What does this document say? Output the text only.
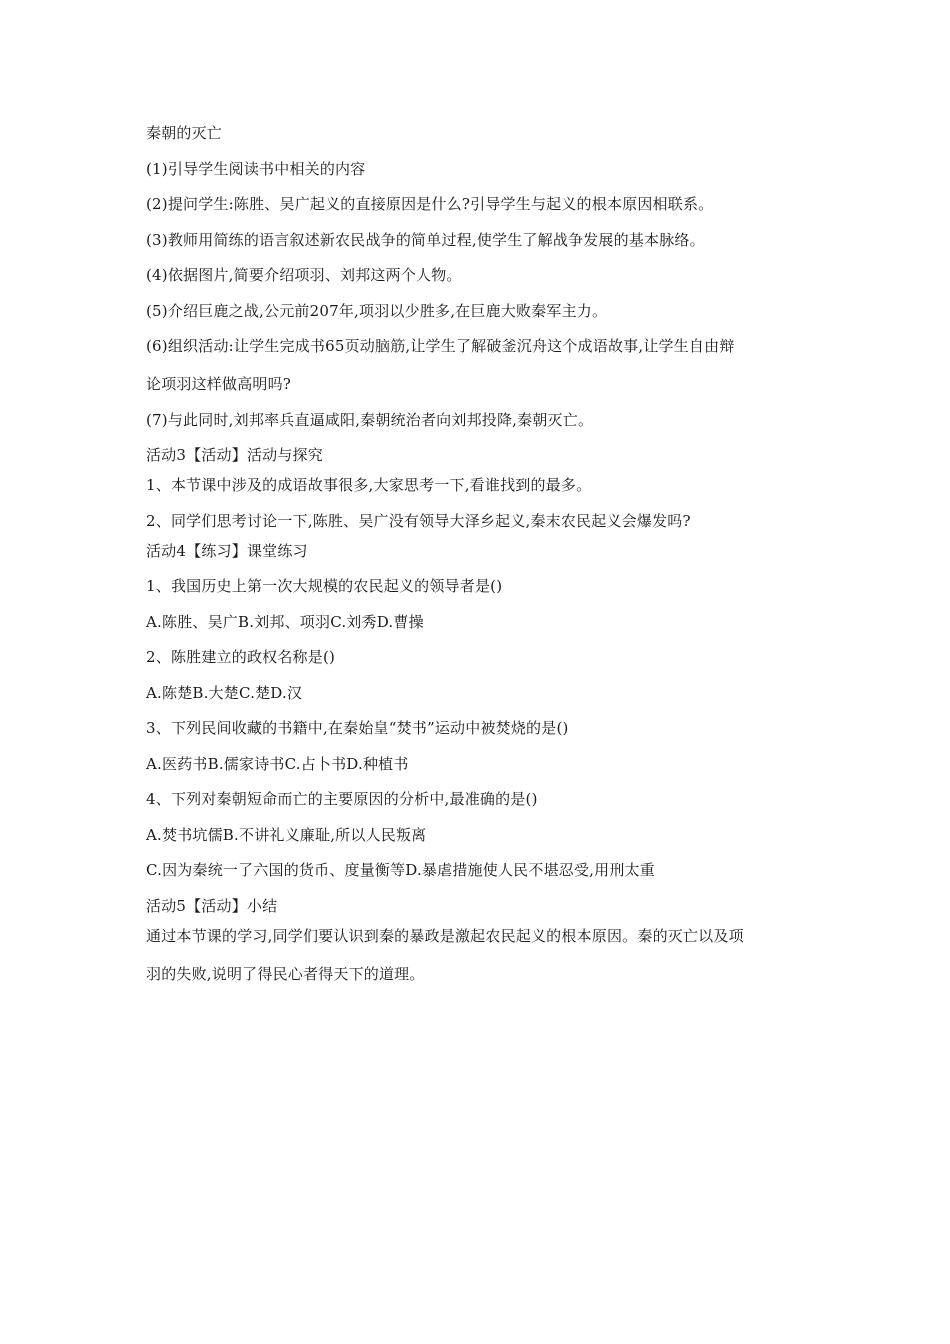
秦朝的灭亡

(1)引导学生阅读书中相关的内容

(2)提问学生:陈胜、吴广起义的直接原因是什么?引导学生与起义的根本原因相联系。

(3)教师用简练的语言叙述新农民战争的简单过程,使学生了解战争发展的基本脉络。

(4)依据图片,简要介绍项羽、刘邦这两个人物。

(5)介绍巨鹿之战,公元前207年,项羽以少胜多,在巨鹿大败秦军主力。

(6)组织活动:让学生完成书65页动脑筋,让学生了解破釜沉舟这个成语故事,让学生自由辩

论项羽这样做高明吗?

(7)与此同时,刘邦率兵直逼咸阳,秦朝统治者向刘邦投降,秦朝灭亡。

活动3【活动】活动与探究

1、本节课中涉及的成语故事很多,大家思考一下,看谁找到的最多。

2、同学们思考讨论一下,陈胜、吴广没有领导大泽乡起义,秦末农民起义会爆发吗?

活动4【练习】课堂练习

1、我国历史上第一次大规模的农民起义的领导者是()

A.陈胜、吴广B.刘邦、项羽C.刘秀D.曹操

2、陈胜建立的政权名称是()

A.陈楚B.大楚C.楚D.汉

3、下列民间收藏的书籍中,在秦始皇“焚书”运动中被焚烧的是()

A.医药书B.儒家诗书C.占卜书D.种植书

4、下列对秦朝短命而亡的主要原因的分析中,最准确的是()

A.焚书坑儒B.不讲礼义廉耻,所以人民叛离

C.因为秦统一了六国的货币、度量衡等D.暴虐措施使人民不堪忍受,用刑太重

活动5【活动】小结

通过本节课的学习,同学们要认识到秦的暴政是激起农民起义的根本原因。秦的灭亡以及项

羽的失败,说明了得民心者得天下的道理。
